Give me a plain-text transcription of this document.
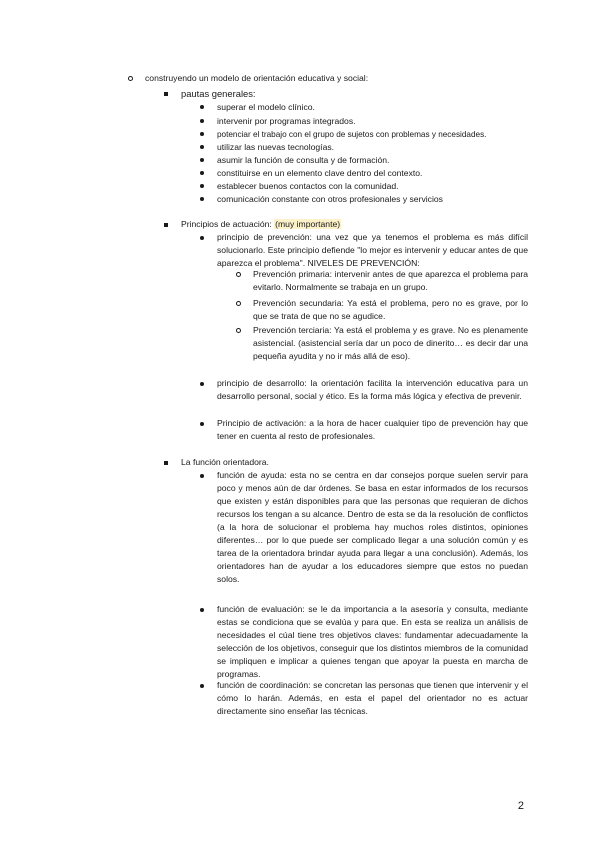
construyendo un modelo de orientación educativa y social:
pautas generales:
superar el modelo clínico.
intervenir por programas integrados.
potenciar el trabajo con el grupo de sujetos con problemas y necesidades.
utilizar las nuevas tecnologías.
asumir la función de consulta y de formación.
constituirse en un elemento clave dentro del contexto.
establecer buenos contactos con la comunidad.
comunicación constante con otros profesionales y servicios
Principios de actuación: (muy importante)
principio de prevención: una vez que ya tenemos el problema es más difícil solucionarlo. Este principio defiende "lo mejor es intervenir y educar antes de que aparezca el problema". NIVELES DE PREVENCIÓN:
Prevención primaria: intervenir antes de que aparezca el problema para evitarlo. Normalmente se trabaja en un grupo.
Prevención secundaria: Ya está el problema, pero no es grave, por lo que se trata de que no se agudice.
Prevención terciaria: Ya está el problema y es grave. No es plenamente asistencial. (asistencial sería dar un poco de dinerito… es decir dar una pequeña ayudita y no ir más allá de eso).
principio de desarrollo: la orientación facilita la intervención educativa para un desarrollo personal, social y ético. Es la forma más lógica y efectiva de prevenir.
Principio de activación: a la hora de hacer cualquier tipo de prevención hay que tener en cuenta al resto de profesionales.
La función orientadora.
función de ayuda: esta no se centra en dar consejos porque suelen servir para poco y menos aún de dar órdenes. Se basa en estar informados de los recursos que existen y están disponibles para que las personas que requieran de dichos recursos los tengan a su alcance. Dentro de esta se da la resolución de conflictos (a la hora de solucionar el problema hay muchos roles distintos, opiniones diferentes… por lo que puede ser complicado llegar a una solución común y es tarea de la orientadora brindar ayuda para llegar a una conclusión). Además, los orientadores han de ayudar a los educadores siempre que estos no puedan solos.
función de evaluación: se le da importancia a la asesoría y consulta, mediante estas se condiciona que se evalúa y para que. En esta se realiza un análisis de necesidades el cúal tiene tres objetivos claves: fundamentar adecuadamente la selección de los objetivos, conseguir que los distintos miembros de la comunidad se impliquen e implicar a quienes tengan que apoyar la puesta en marcha de programas.
función de coordinación: se concretan las personas que tienen que intervenir y el cómo lo harán. Además, en esta el papel del orientador no es actuar directamente sino enseñar las técnicas.
2
